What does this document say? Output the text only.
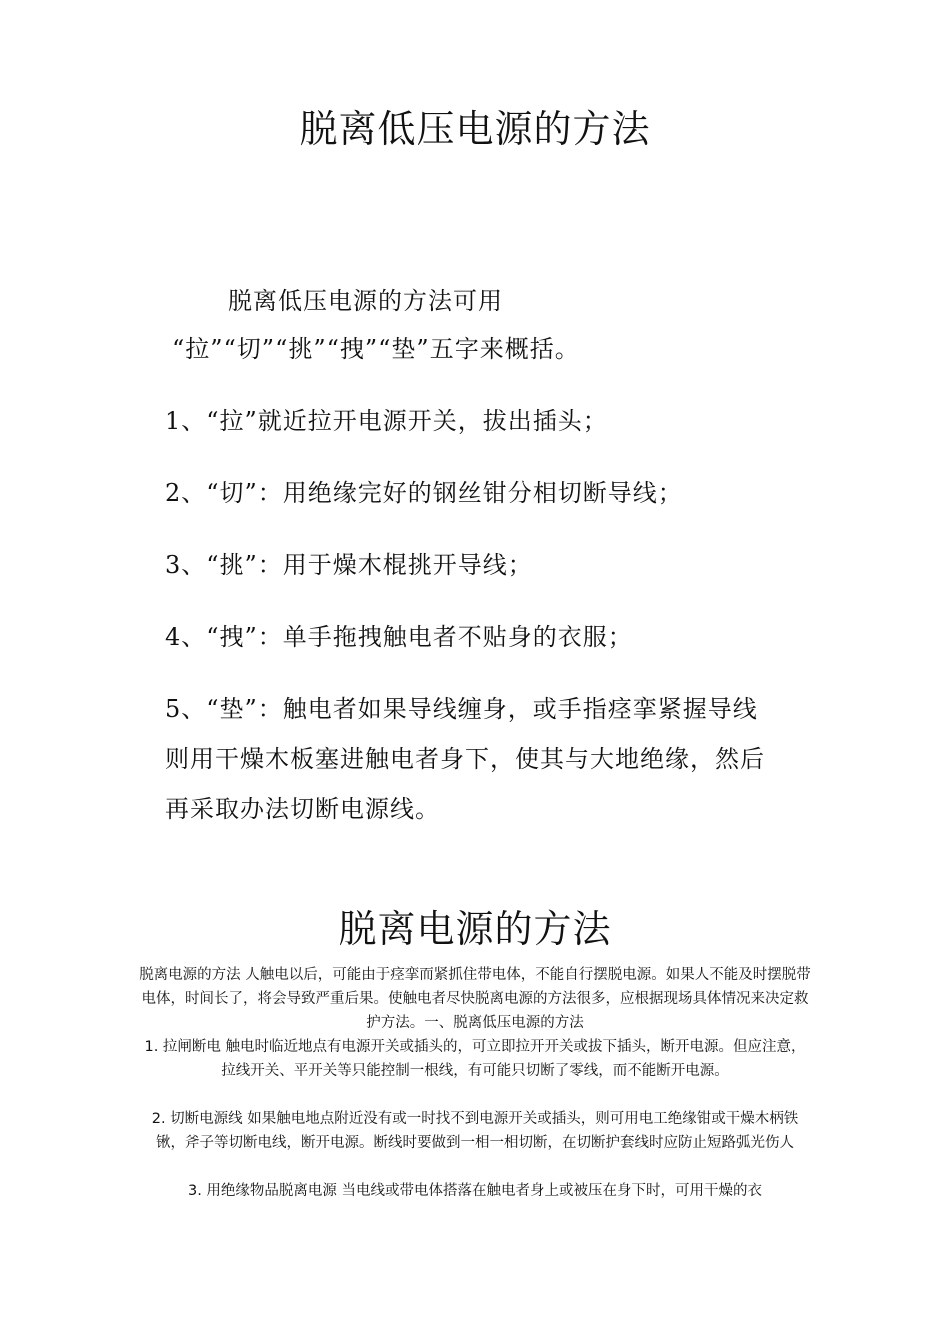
脱离低压电源的方法
脱离低压电源的方法可用
“拉”“切”“挑”“拽”“垫”五字来概括。
1、“拉”就近拉开电源开关，拔出插头；
2、“切”：用绝缘完好的钢丝钳分相切断导线；
3、“挑”：用于燥木棍挑开导线；
4、“拽”：单手拖拽触电者不贴身的衣服；
5、“垫”：触电者如果导线缠身，或手指痉挛紧握导线
则用干燥木板塞进触电者身下，使其与大地绝缘，然后
再采取办法切断电源线。
脱离电源的方法

脱离电源的方法 人触电以后，可能由于痉挛而紧抓住带电体，不能自行摆脱电源。如果人不能及时摆脱带电体，时间长了，将会导致严重后果。使触电者尽快脱离电源的方法很多，应根据现场具体情况来决定救护方法。一、脱离低压电源的方法

1. 拉闸断电 触电时临近地点有电源开关或插头的，可立即拉开开关或拔下插头，断开电源。但应注意，拉线开关、平开关等只能控制一根线，有可能只切断了零线，而不能断开电源。

2. 切断电源线 如果触电地点附近没有或一时找不到电源开关或插头，则可用电工绝缘钳或干燥木柄铁锹，斧子等切断电线，断开电源。断线时要做到一相一相切断，在切断护套线时应防止短路弧光伤人

3. 用绝缘物品脱离电源 当电线或带电体搭落在触电者身上或被压在身下时，可用干燥的衣
